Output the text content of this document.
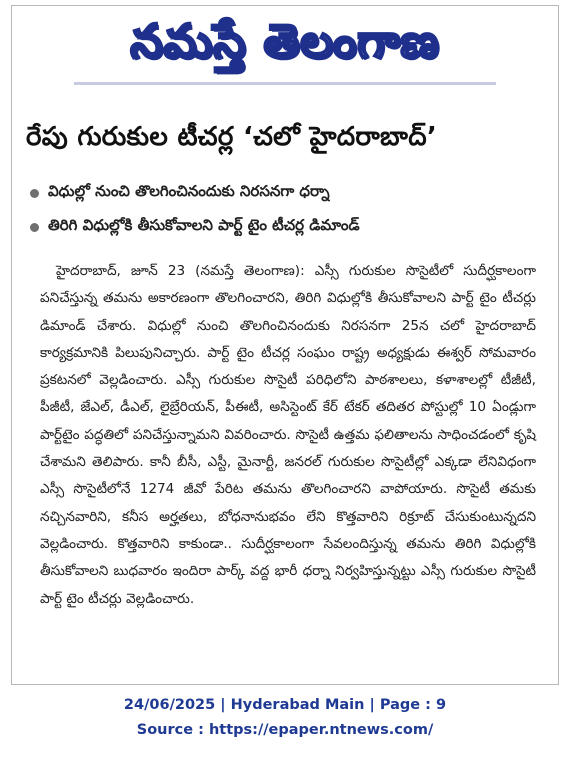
నమస్తే తెలంగాణ
రేపు గురుకుల టీచర్ల ‘చలో హైదరాబాద్‌’
విధుల్లో నుంచి తొలగించినందుకు నిరసనగా ధర్నా
తిరిగి విధుల్లోకి తీసుకోవాలని పార్ట్‌ టైం టీచర్ల డిమాండ్‌

హైదరాబాద్‌, జూన్‌ 23 (నమస్తే తెలంగాణ): ఎస్సీ గురుకుల సొసైటీలో సుదీర్ఘకాలంగా పనిచేస్తున్న తమను అకారణంగా తొలగించారని, తిరిగి విధుల్లోకి తీసుకోవాలని పార్ట్‌ టైం టీచర్లు డిమాండ్‌ చేశారు. విధుల్లో నుంచి తొలగించినందుకు నిరసనగా 25న చలో హైదరాబాద్‌ కార్యక్రమానికి పిలుపునిచ్చారు. పార్ట్‌ టైం టీచర్ల సంఘం రాష్ట్ర అధ్యక్షుడు ఈశ్వర్‌ సోమవారం ప్రకటనలో వెల్లడించారు. ఎస్సీ గురుకుల సొసైటీ పరిధిలోని పాఠశాలలు, కళాశాలల్లో టీజీటీ, పీజీటీ, జేఎల్‌, డీఎల్‌, లైబ్రేరియన్‌, పీఈటీ, అసిస్టెంట్‌ కేర్‌ టేకర్‌ తదితర పోస్టుల్లో 10 ఏండ్లుగా పార్ట్‌టైం పద్ధతిలో పనిచేస్తున్నామని వివరించారు. సొసైటీ ఉత్తమ ఫలితాలను సాధించడంలో కృషి చేశామని తెలిపారు. కానీ బీసీ, ఎస్టీ, మైనార్టీ, జనరల్‌ గురుకుల సొసైటీల్లో ఎక్కడా లేనివిధంగా ఎస్సీ సొసైటీలోనే 1274 జీవో పేరిట తమను తొలగించారని వాపోయారు. సొసైటీ తమకు నచ్చినవారిని, కనీస అర్హతలు, బోధనానుభవం లేని కొత్తవారిని రిక్రూట్‌ చేసుకుంటున్నదని వెల్లడించారు. కొత్తవారిని కాకుండా.. సుదీర్ఘకాలంగా సేవలందిస్తున్న తమను తిరిగి విధుల్లోకి తీసుకోవాలని బుధవారం ఇందిరా పార్క్‌ వద్ద భారీ ధర్నా నిర్వహిస్తున్నట్టు ఎస్సీ గురుకుల సొసైటీ పార్ట్‌ టైం టీచర్లు వెల్లడించారు.

24/06/2025 | Hyderabad Main | Page : 9
Source : https://epaper.ntnews.com/
